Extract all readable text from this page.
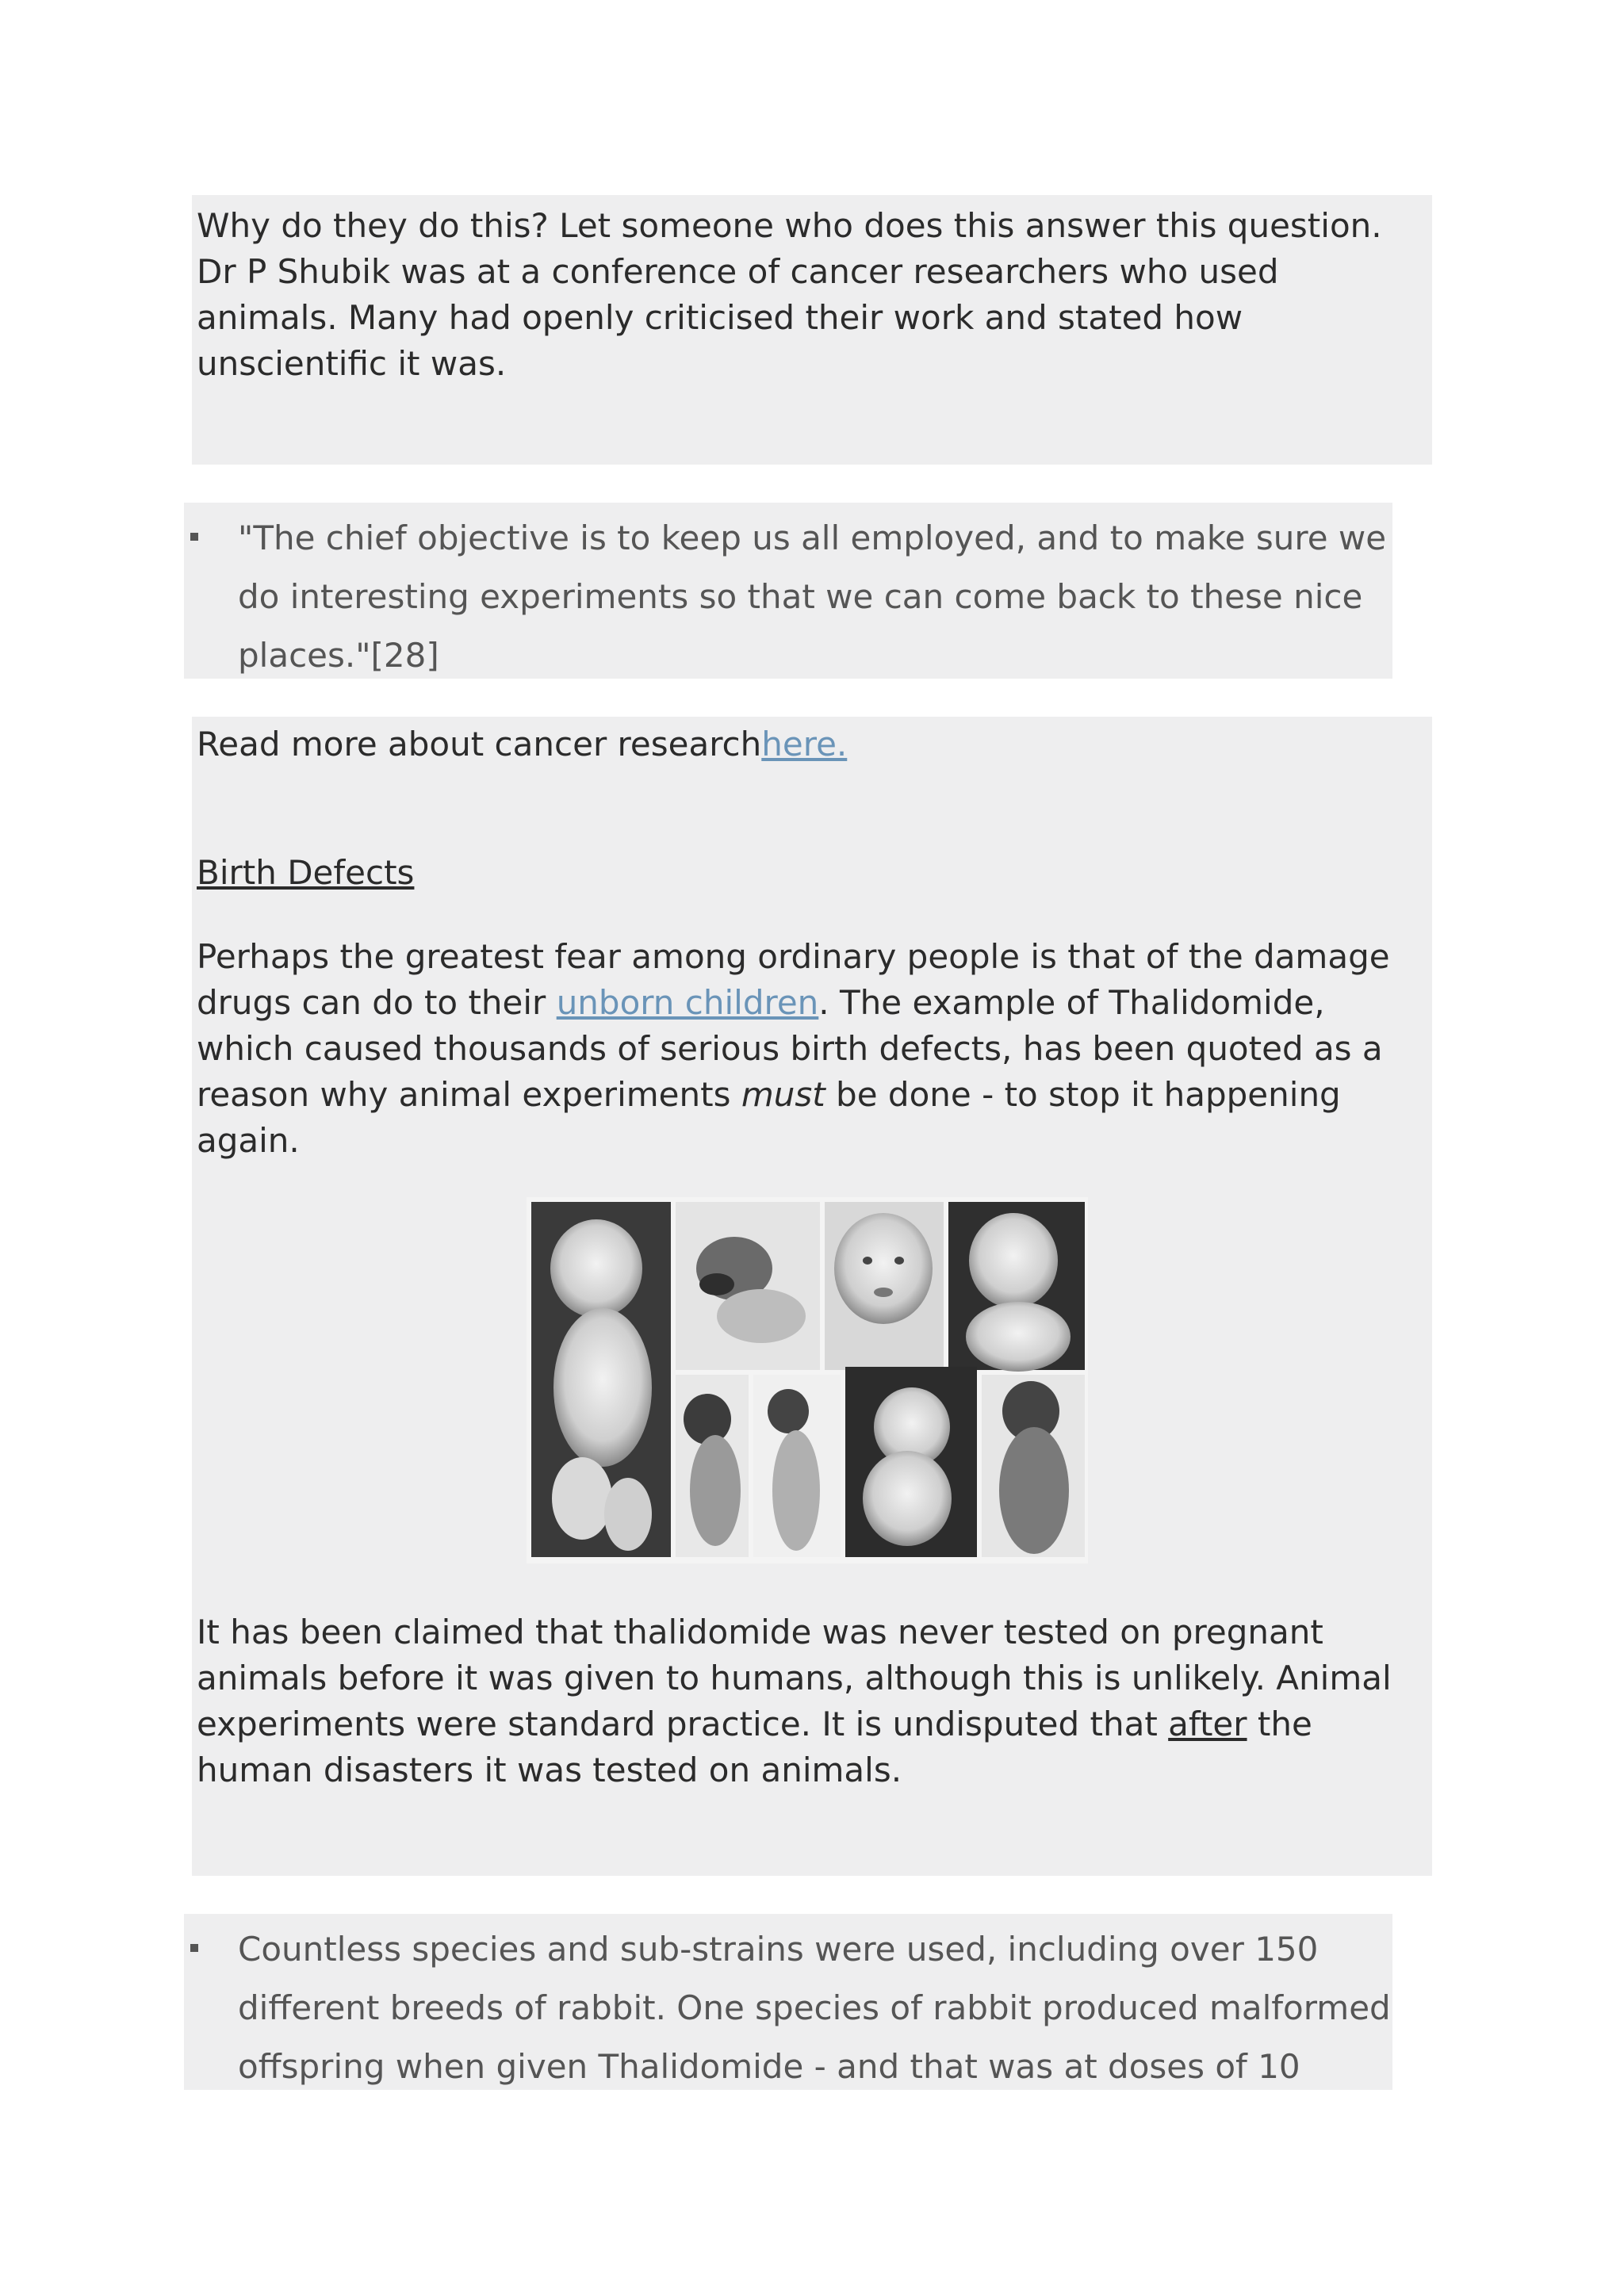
Why do they do this? Let someone who does this answer this question. Dr P Shubik was at a conference of cancer researchers who used animals. Many had openly criticised their work and stated how unscientific it was.

"The chief objective is to keep us all employed, and to make sure we do interesting experiments so that we can come back to these nice places."[28]
Read more about cancer researchhere.
Birth Defects

Perhaps the greatest fear among ordinary people is that of the damage drugs can do to their unborn children. The example of Thalidomide, which caused thousands of serious birth defects, has been quoted as a reason why animal experiments must be done - to stop it happening again.

It has been claimed that thalidomide was never tested on pregnant animals before it was given to humans, although this is unlikely. Animal experiments were standard practice. It is undisputed that after the human disasters it was tested on animals.

Countless species and sub-strains were used, including over 150 different breeds of rabbit. One species of rabbit produced malformed offspring when given Thalidomide - and that was at doses of 10
